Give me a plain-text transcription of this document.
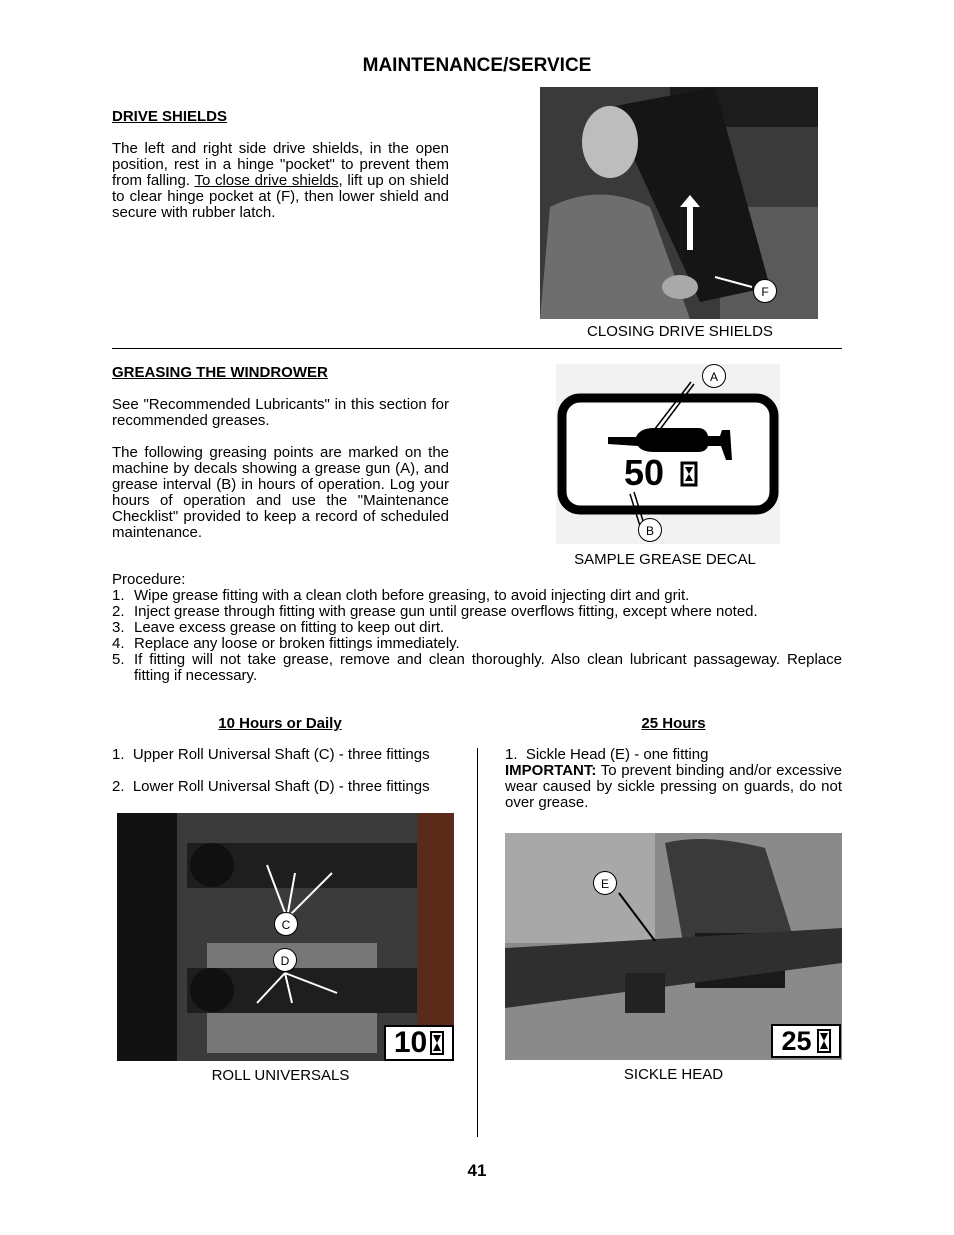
MAINTENANCE/SERVICE
DRIVE SHIELDS
The left and right side drive shields, in the open position, rest in a hinge "pocket" to prevent them from falling. To close drive shields, lift up on shield to clear hinge pocket at (F), then lower shield and secure with rubber latch.
F
CLOSING DRIVE SHIELDS
GREASING THE WINDROWER
See "Recommended Lubricants" in this section for recommended greases.
The following greasing points are marked on the machine by decals showing a grease gun (A), and grease interval (B) in hours of operation. Log your hours of operation and use the "Maintenance Checklist" provided to keep a record of scheduled maintenance.
50
A
B
SAMPLE GREASE DECAL
Procedure:
1. Wipe grease fitting with a clean cloth before greasing, to avoid injecting dirt and grit.
2. Inject grease through fitting with grease gun until grease overflows fitting, except where noted.
3. Leave excess grease on fitting to keep out dirt.
4. Replace any loose or broken fittings immediately.
5. If fitting will not take grease, remove and clean thoroughly. Also clean lubricant passageway. Replace fitting if necessary.
10 Hours or Daily
1.  Upper Roll Universal Shaft (C) - three fittings
2.  Lower Roll Universal Shaft (D) - three fittings
C
D
10
ROLL UNIVERSALS
25 Hours
1.  Sickle Head (E) - one fitting
IMPORTANT: To prevent binding and/or excessive wear caused by sickle pressing on guards, do not over grease.
E
25
SICKLE HEAD
41
